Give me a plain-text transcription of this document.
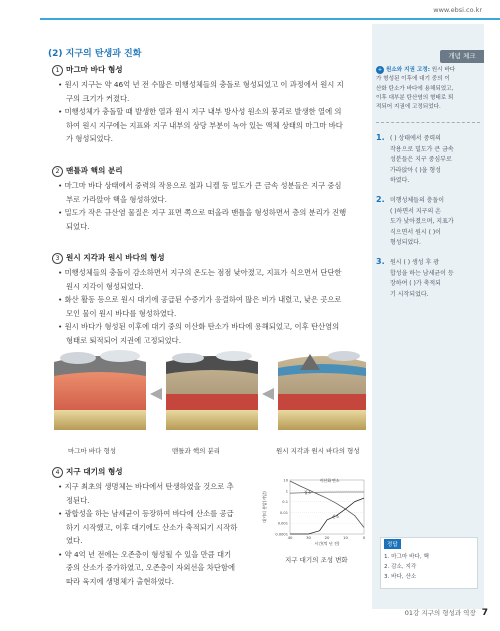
www.ebsi.co.kr
개념 체크
(2) 지구의 탄생과 진화
1 마그마 바다 형성
• 원시 지구는 약 46억 년 전 수많은 미행성체들의 충돌로 형성되었고 이 과정에서 원시 지
구의 크기가 커졌다.
• 미행성체가 충돌할 때 발생한 열과 원시 지구 내부 방사성 원소의 붕괴로 발생한 열에 의
하여 원시 지구에는 지표와 지구 내부의 상당 부분이 녹아 있는 액체 상태의 마그마 바다
가 형성되었다.
2 맨틀과 핵의 분리
• 마그마 바다 상태에서 중력의 작용으로 철과 니켈 등 밀도가 큰 금속 성분들은 지구 중심
부로 가라앉아 핵을 형성하였다.
• 밀도가 작은 규산염 물질은 지구 표면 쪽으로 떠올라 맨틀을 형성하면서 층의 분리가 진행
되었다.
3 원시 지각과 원시 바다의 형성
• 미행성체들의 충돌이 감소하면서 지구의 온도는 점점 낮아졌고, 지표가 식으면서 단단한
원시 지각이 형성되었다.
• 화산 활동 등으로 원시 대기에 공급된 수증기가 응결하여 많은 비가 내렸고, 낮은 곳으로
모인 물이 원시 바다를 형성하였다.
• 원시 바다가 형성된 이후에 대기 중의 이산화 탄소가 바다에 용해되었고, 이후 탄산염의
형태로 퇴적되어 지권에 고정되었다.
마그마 바다 형성	맨틀과 핵의 분리	원시 지각과 원시 바다의 형성
4 지구 대기의 형성
• 지구 최초의 생명체는 바다에서 탄생하였을 것으로 추
정된다.
• 광합성을 하는 남세균이 등장하여 바다에 산소를 공급
하기 시작했고, 이후 대기에도 산소가 축적되기 시작하
였다.
• 약 4억 년 전에는 오존층이 형성될 수 있을 만큼 대기
중의 산소가 증가하였고, 오존층이 자외선을 차단함에
따라 육지에 생명체가 출현하였다.
10
1
0.1
0.01
0.001
0.0001
40	30	20	10	0
시간(억 년 전)
대기의 분압(기압)
이산화 탄소
질소
산소
지구 대기의 조성 변화
+ 원소와 지권 고정: 원시 바다
가 형성된 이후에 대기 중의 이
산화 탄소가 바다에 용해되었고,
이후 대부분 탄산염의 형태로 퇴
적되어 지권에 고정되었다.
1. ( ) 상태에서 중력의
작용으로 밀도가 큰 금속
성분들은 지구 중심부로
가라앉아 ( )을 형성
하였다.
2. 미행성체들의 충돌이
( )하면서 지구의 온
도가 낮아졌으며, 지표가
식으면서 원시 ( )이
형성되었다.
3. 원시 ( ) 생성 후 광
합성을 하는 남세균이 등
장하여 ( )가 축적되
기 시작되었다.
정답
1. 마그마 바다, 핵
2. 감소, 지각
3. 바다, 산소
01강 지구의 형성과 역장 7
